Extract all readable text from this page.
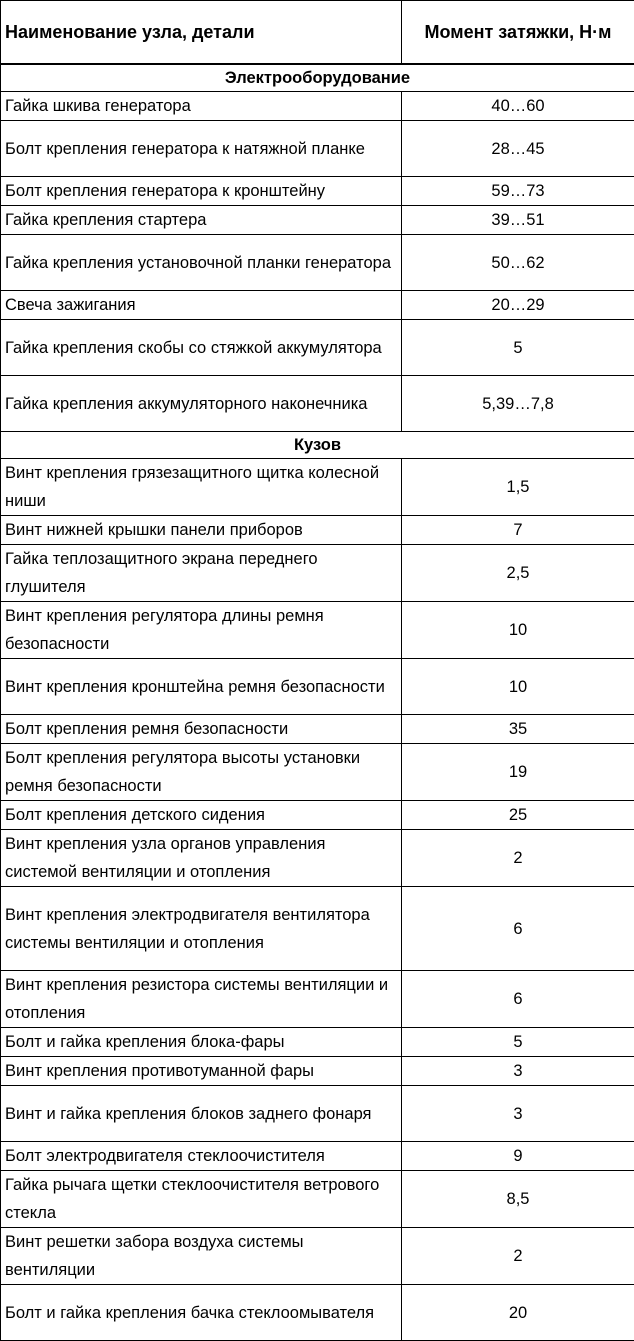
Наименование узла, детали	Момент затяжки, Н·м
Электрооборудование	
Гайка шкива генератора	40…60
Болт крепления генератора к натяжной планке	28…45
Болт крепления генератора к кронштейну	59…73
Гайка крепления стартера	39…51
Гайка крепления установочной планки генератора	50…62
Свеча зажигания	20…29
Гайка крепления скобы со стяжкой аккумулятора	5
Гайка крепления аккумуляторного наконечника	5,39…7,8
Кузов	
Винт крепления грязезащитного щитка колесной ниши	1,5
Винт нижней крышки панели приборов	7
Гайка теплозащитного экрана переднего глушителя	2,5
Винт крепления регулятора длины ремня безопасности	10
Винт крепления кронштейна ремня безопасности	10
Болт крепления ремня безопасности	35
Болт крепления регулятора высоты установки ремня безопасности	19
Болт крепления детского сидения	25
Винт крепления узла органов управления системой вентиляции и отопления	2
Винт крепления электродвигателя вентилятора системы вентиляции и отопления	6
Винт крепления резистора системы вентиляции и отопления	6
Болт и гайка крепления блока-фары	5
Винт крепления противотуманной фары	3
Винт и гайка крепления блоков заднего фонаря	3
Болт электродвигателя стеклоочистителя	9
Гайка рычага щетки стеклоочистителя ветрового стекла	8,5
Винт решетки забора воздуха системы вентиляции	2
Болт и гайка крепления бачка стеклоомывателя	20
